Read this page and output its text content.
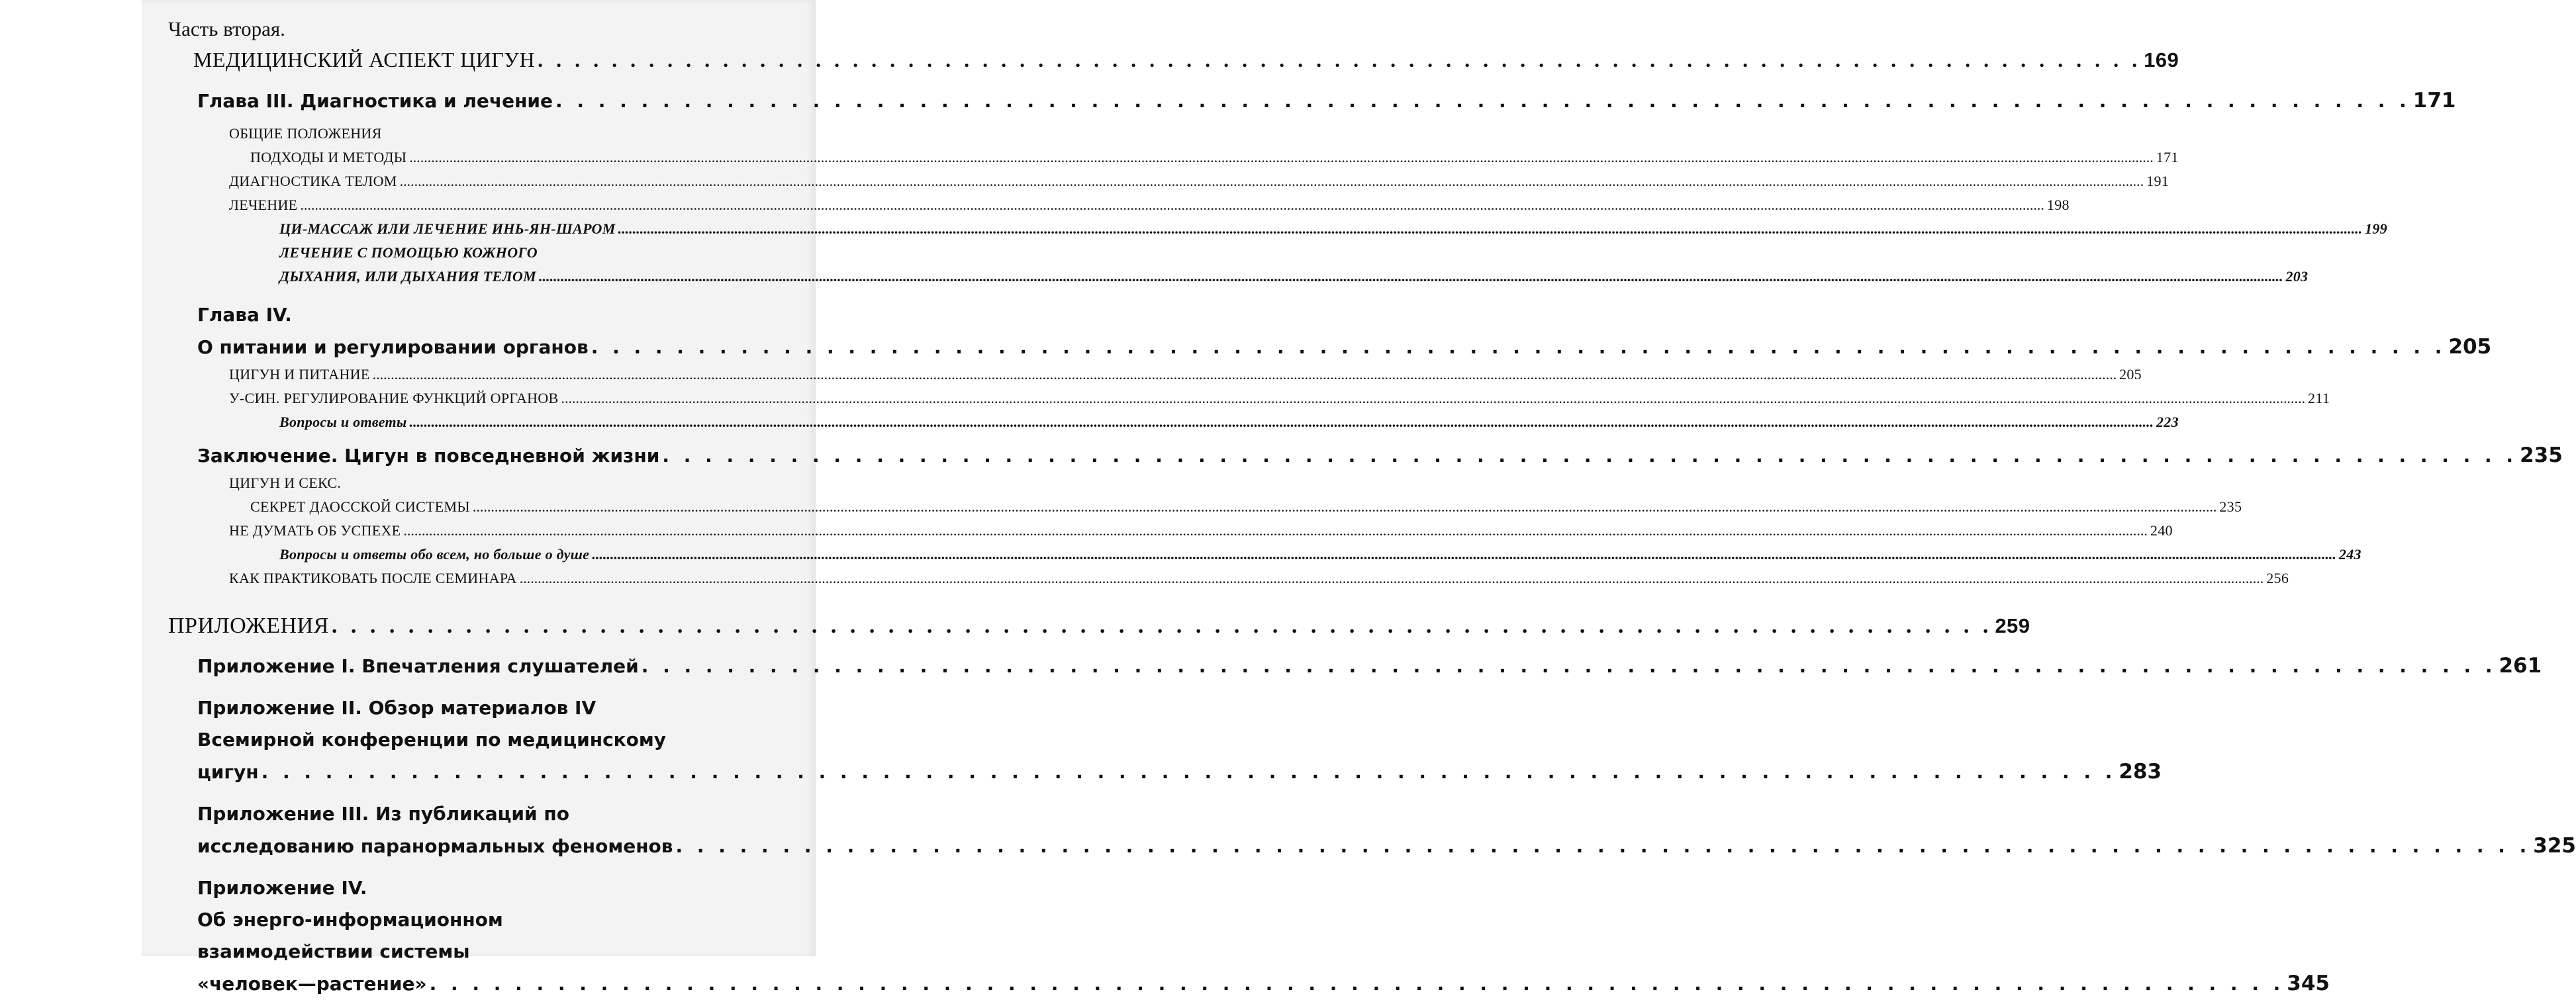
Часть вторая.
МЕДИЦИНСКИЙ АСПЕКТ ЦИГУН . . .	169
Глава III. Диагностика и лечение . . .	171
ОБЩИЕ ПОЛОЖЕНИЯ
ПОДХОДЫ И МЕТОДЫ .....	171
ДИАГНОСТИКА ТЕЛОМ .....	191
ЛЕЧЕНИЕ .....	198
ЦИ-МАССАЖ ИЛИ ЛЕЧЕНИЕ ИНЬ-ЯН-ШАРОМ .....	199
ЛЕЧЕНИЕ С ПОМОЩЬЮ КОЖНОГО
ДЫХАНИЯ, ИЛИ ДЫХАНИЯ ТЕЛОМ .....	203
Глава IV.
О питании и регулировании органов . . .	205
ЦИГУН И ПИТАНИЕ .....	205
У-СИН. РЕГУЛИРОВАНИЕ ФУНКЦИЙ ОРГАНОВ .....	211
Вопросы и ответы .....	223
Заключение. Цигун в повседневной жизни . . .	235
ЦИГУН И СЕКС.
СЕКРЕТ ДАОССКОЙ СИСТЕМЫ .....	235
НЕ ДУМАТЬ ОБ УСПЕХЕ .....	240
Вопросы и ответы обо всем, но больше о душе .....	243
КАК ПРАКТИКОВАТЬ ПОСЛЕ СЕМИНАРА .....	256
ПРИЛОЖЕНИЯ . . .	259
Приложение I. Впечатления слушателей . . .	261
Приложение II. Обзор материалов IV
Всемирной конференции по медицинскому
цигун . . .	283
Приложение III. Из публикаций по
исследованию паранормальных феноменов . . .	325
Приложение IV.
Об энерго-информационном
взаимодействии системы
«человек—растение» . . .	345
